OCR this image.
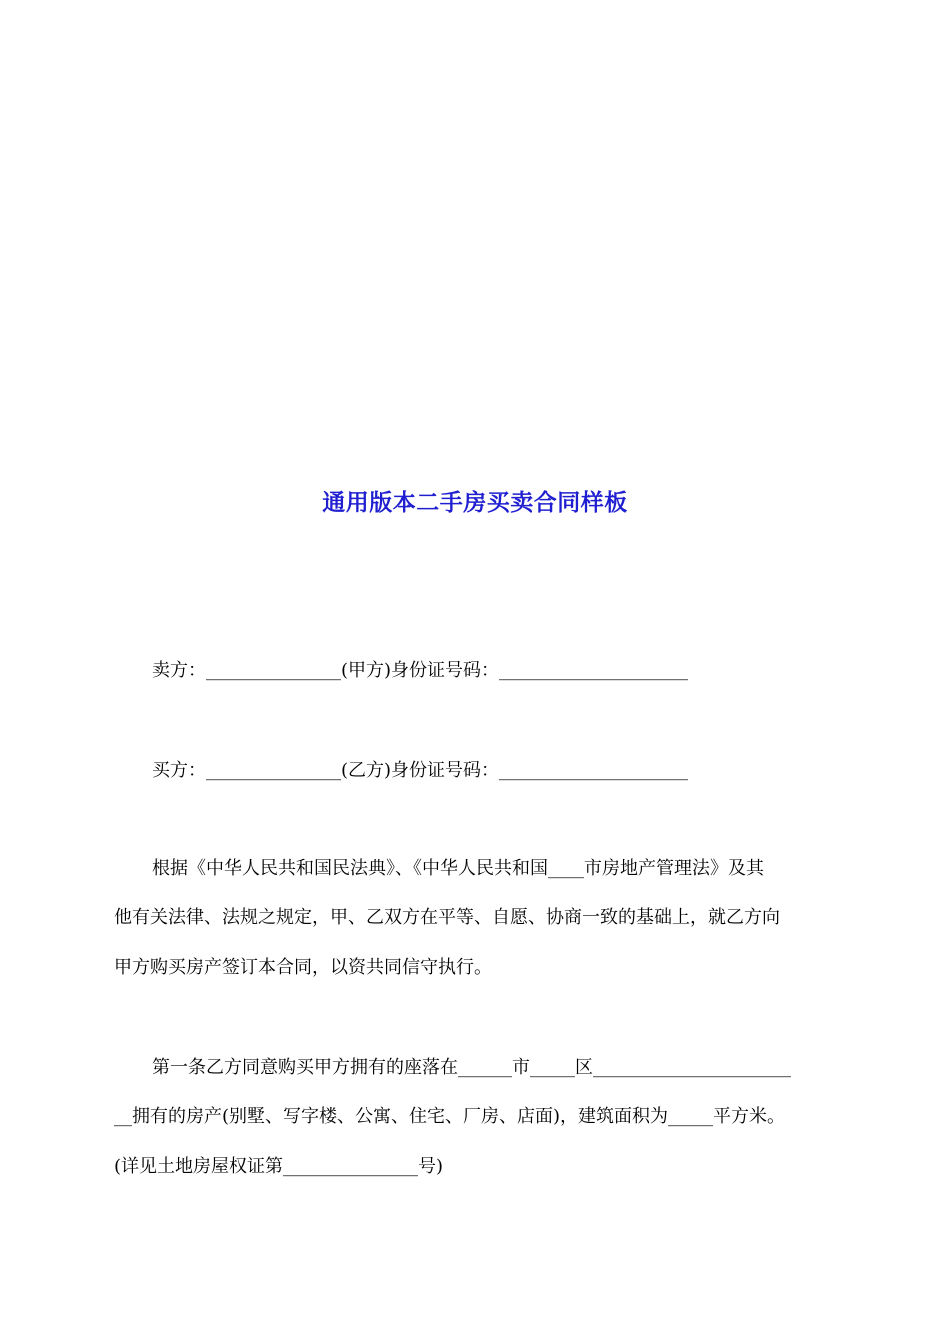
通用版本二手房买卖合同样板
卖方：_______________(甲方)身份证号码：_____________________
买方：_______________(乙方)身份证号码：_____________________
根据《中华人民共和国民法典》、《中华人民共和国____市房地产管理法》及其
他有关法律、法规之规定，甲、乙双方在平等、自愿、协商一致的基础上，就乙方向
甲方购买房产签订本合同，以资共同信守执行。
第一条乙方同意购买甲方拥有的座落在______市_____区______________________
__拥有的房产(别墅、写字楼、公寓、住宅、厂房、店面)，建筑面积为_____平方米。
(详见土地房屋权证第_______________号)
